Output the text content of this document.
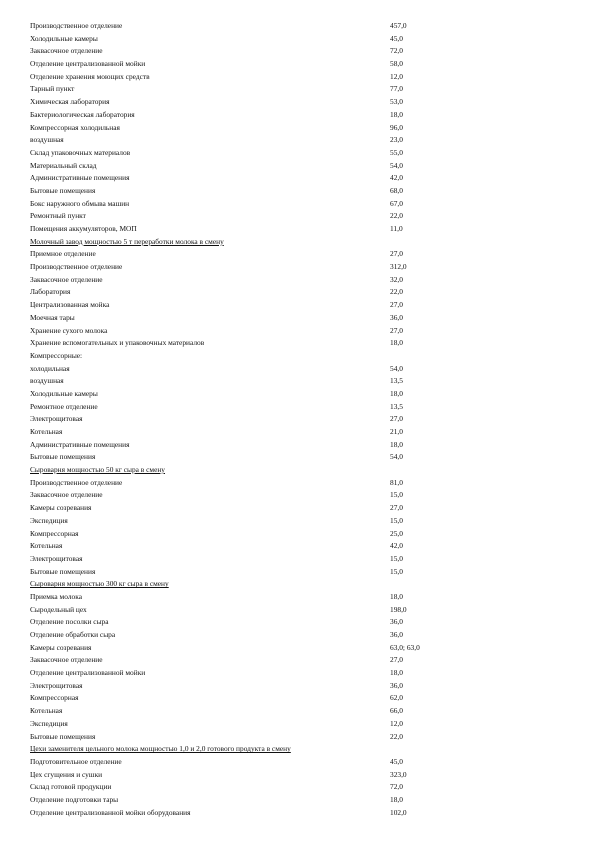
Производственное отделение	457,0
Холодильные камеры	45,0
Заквасочное отделение	72,0
Отделение централизованной мойки	58,0
Отделение хранения моющих средств	12,0
Тарный пункт	77,0
Химическая лаборатория	53,0
Бактериологическая лаборатория	18,0
Компрессорная холодильная	96,0
воздушная	23,0
Склад упаковочных материалов	55,0
Материальный склад	54,0
Административные помещения	42,0
Бытовые помещения	68,0
Бокс наружного обмыва машин	67,0
Ремонтный пункт	22,0
Помещения аккумуляторов, МОП	11,0
Молочный завод мощностью 5 т переработки молока в смену
Приемное отделение	27,0
Производственное отделение	312,0
Заквасочное отделение	32,0
Лаборатория	22,0
Централизованная мойка	27,0
Моечная тары	36,0
Хранение сухого молока	27,0
Хранение вспомогательных и упаковочных материалов	18,0
Компрессорные:
холодильная	54,0
воздушная	13,5
Холодильные камеры	18,0
Ремонтное отделение	13,5
Электрощитовая	27,0
Котельная	21,0
Административные помещения	18,0
Бытовые помещения	54,0
Сыроварня мощностью 50 кг сыра в смену
Производственное отделение	81,0
Заквасочное отделение	15,0
Камеры созревания	27,0
Экспедиция	15,0
Компрессорная	25,0
Котельная	42,0
Электрощитовая	15,0
Бытовые помещения	15,0
Сыроварня мощностью 300 кг сыра в смену
Приемка молока	18,0
Сыродельный цех	198,0
Отделение посолки сыра	36,0
Отделение обработки сыра	36,0
Камеры созревания	63,0; 63,0
Заквасочное отделение	27,0
Отделение централизованной мойки	18,0
Электрощитовая	36,0
Компрессорная	62,0
Котельная	66,0
Экспедиция	12,0
Бытовые помещения	22,0
Цехи заменителя цельного молока мощностью 1,0 и 2,0 готового продукта в смену
Подготовительное отделение	45,0
Цех сгущения и сушки	323,0
Склад готовой продукции	72,0
Отделение подготовки тары	18,0
Отделение централизованной мойки оборудования	102,0
